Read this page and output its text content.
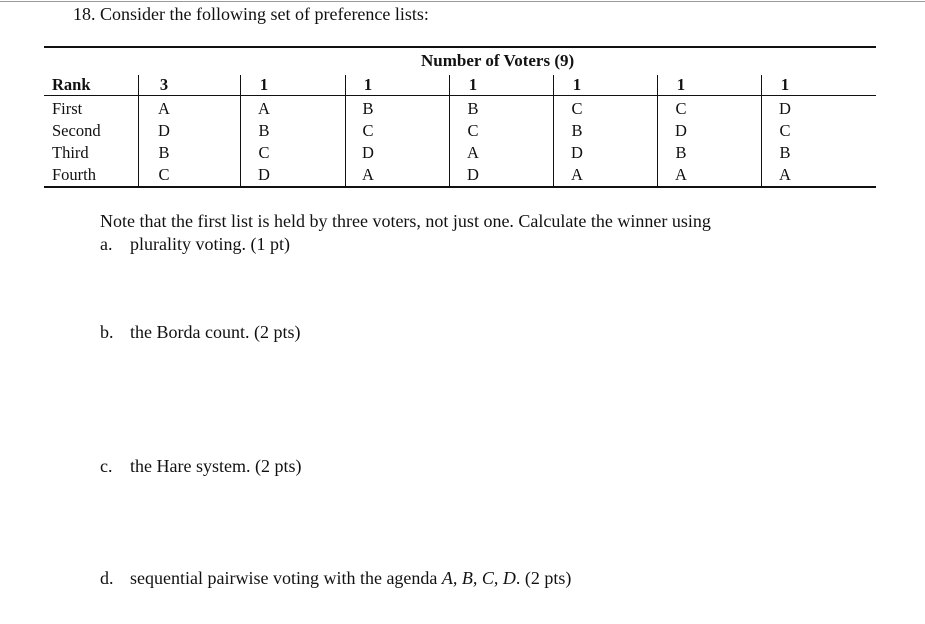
18. Consider the following set of preference lists:
Number of Voters (9)
Rank	3	1	1	1	1	1	1
First	A	A	B	B	C	C	D
Second	D	B	C	C	B	D	C
Third	B	C	D	A	D	B	B
Fourth	C	D	A	D	A	A	A
Note that the first list is held by three voters, not just one. Calculate the winner using
a. plurality voting. (1 pt)
b. the Borda count. (2 pts)
c. the Hare system. (2 pts)
d. sequential pairwise voting with the agenda A, B, C, D. (2 pts)
